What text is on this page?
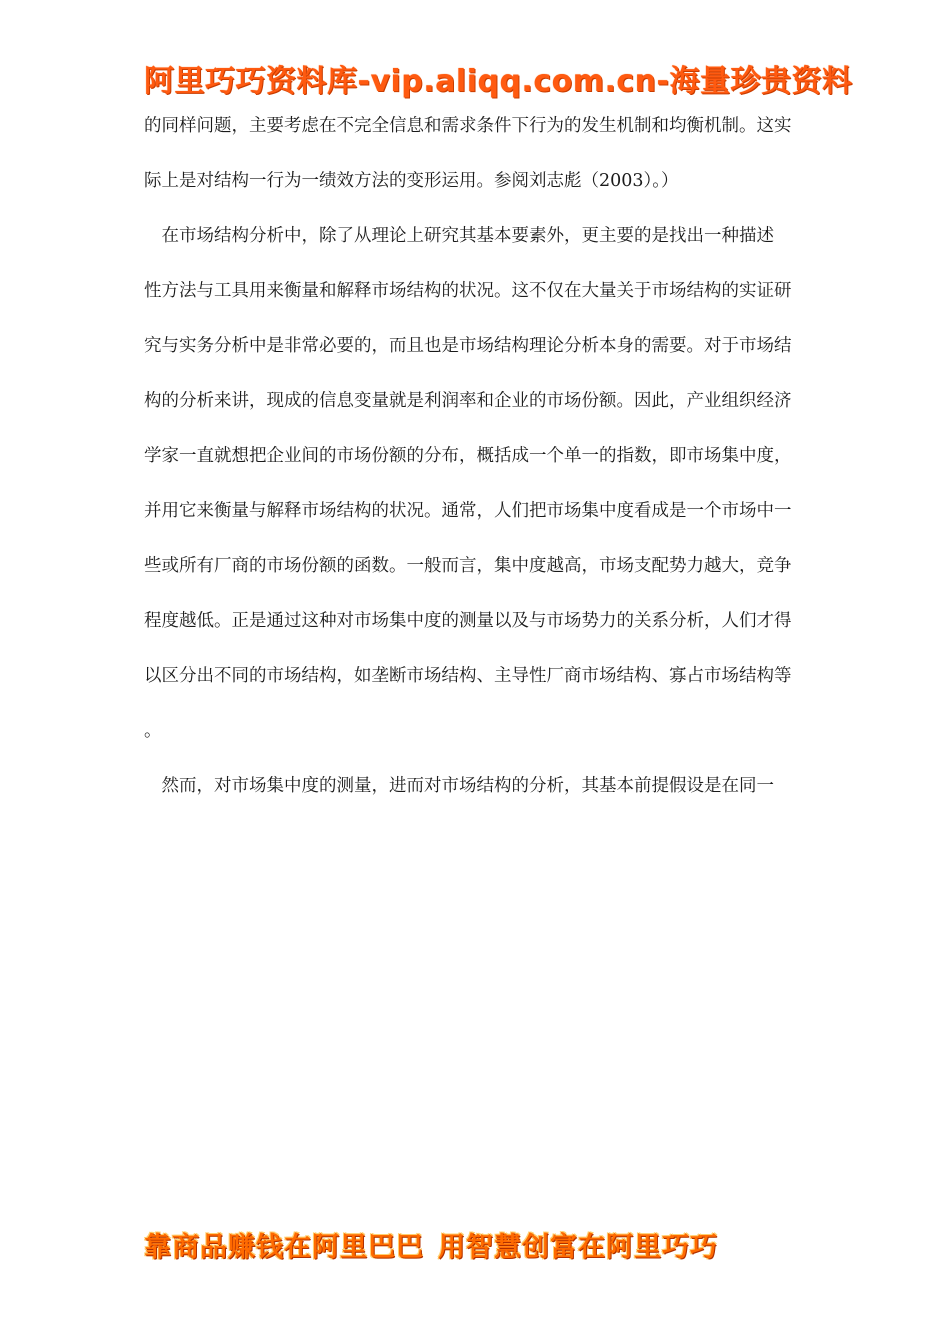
阿里巧巧资料库-vip.aliqq.com.cn-海量珍贵资料

的同样问题，主要考虑在不完全信息和需求条件下行为的发生机制和均衡机制。这实

际上是对结构一行为一绩效方法的变形运用。参阅刘志彪（2003）。）

　在市场结构分析中，除了从理论上研究其基本要素外，更主要的是找出一种描述

性方法与工具用来衡量和解释市场结构的状况。这不仅在大量关于市场结构的实证研

究与实务分析中是非常必要的，而且也是市场结构理论分析本身的需要。对于市场结

构的分析来讲，现成的信息变量就是利润率和企业的市场份额。因此，产业组织经济

学家一直就想把企业间的市场份额的分布，概括成一个单一的指数，即市场集中度，

并用它来衡量与解释市场结构的状况。通常，人们把市场集中度看成是一个市场中一

些或所有厂商的市场份额的函数。一般而言，集中度越高，市场支配势力越大，竞争

程度越低。正是通过这种对市场集中度的测量以及与市场势力的关系分析，人们才得

以区分出不同的市场结构，如垄断市场结构、主导性厂商市场结构、寡占市场结构等

。

　然而，对市场集中度的测量，进而对市场结构的分析，其基本前提假设是在同一

靠商品赚钱在阿里巴巴 用智慧创富在阿里巧巧
